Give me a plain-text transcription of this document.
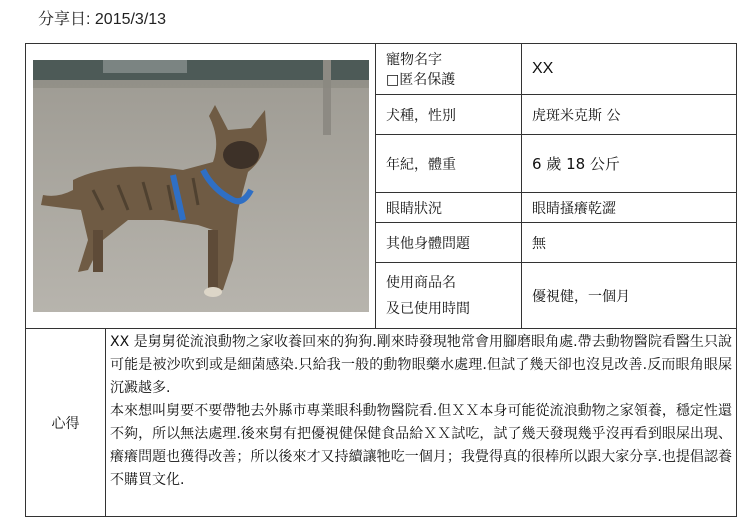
分享日: 2015/3/13

寵物名字
□匿名保護	XX
		犬種，性別	虎斑米克斯 公
		年紀，體重	6 歲 18 公斤
		眼睛狀況	眼睛搔癢乾澀
		其他身體問題	無

		使用商品名
及已使用時間	優視健，一個月
心得	XX 是舅舅從流浪動物之家收養回來的狗狗.剛來時發現牠常會用腳磨眼角處.帶去動物醫院看醫生只說可能是被沙吹到或是細菌感染.只給我一般的動物眼藥水處理.但試了幾天卻也沒見改善.反而眼角眼屎沉澱越多.

本來想叫舅要不要帶牠去外縣市專業眼科動物醫院看.但ＸＸ本身可能從流浪動物之家領養，穩定性還不夠，所以無法處理.後來舅有把優視健保健食品給ＸＸ試吃，試了幾天發現幾乎沒再看到眼屎出現、癢癢問題也獲得改善；所以後來才又持續讓牠吃一個月；我覺得真的很棒所以跟大家分享.也提倡認養不購買文化.		
